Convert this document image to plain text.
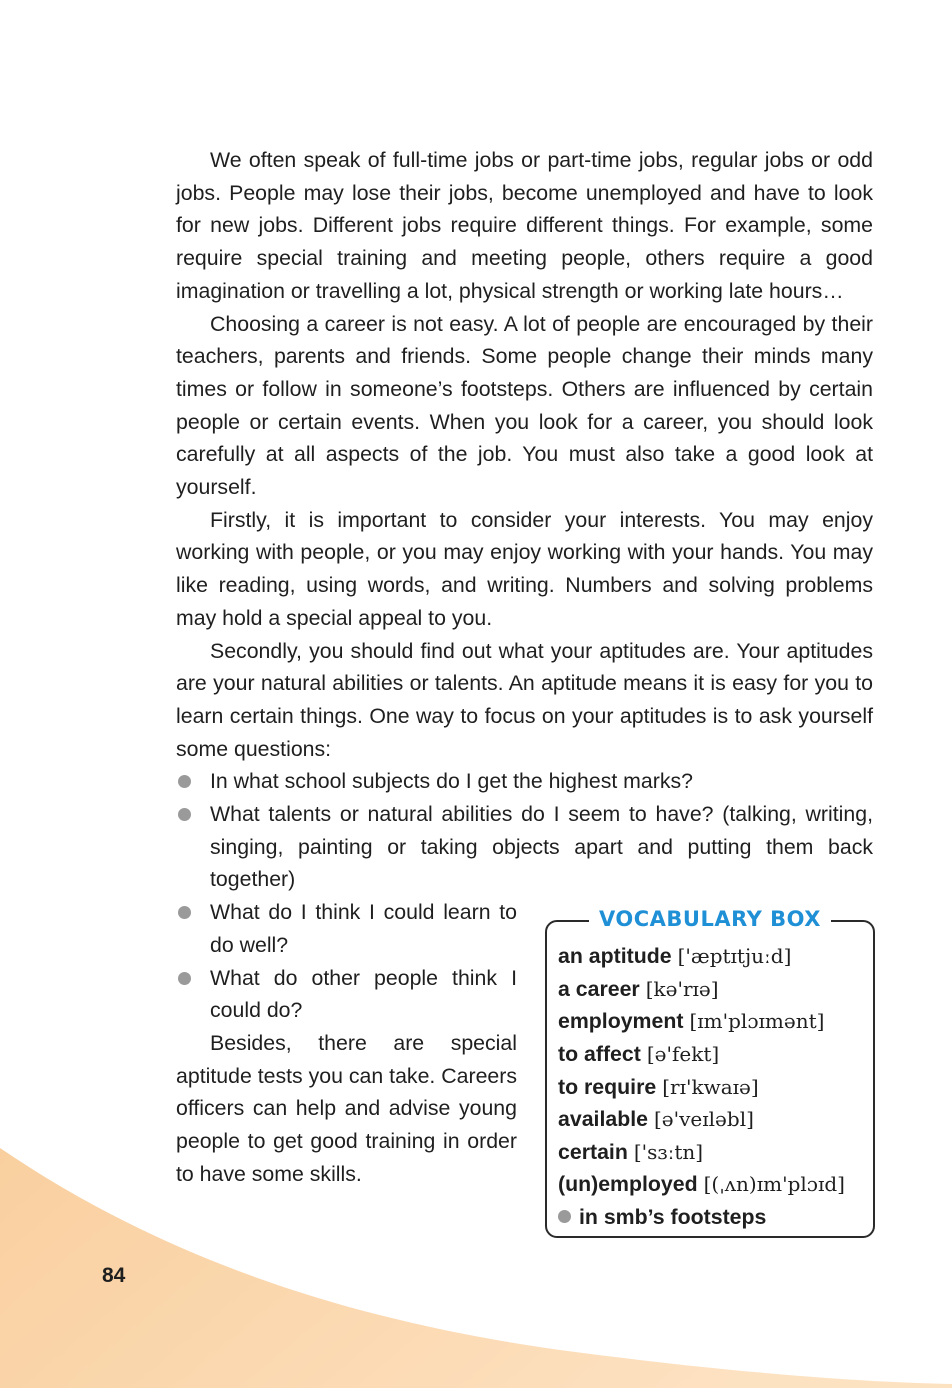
We often speak of full-time jobs or part-time jobs, regular jobs or odd jobs. People may lose their jobs, become unemployed and have to look for new jobs. Different jobs require different things. For example, some require special training and meeting people, others require a good imagination or travelling a lot, physical strength or working late hours…

Choosing a career is not easy. A lot of people are encouraged by their teachers, parents and friends. Some people change their minds many times or follow in someone’s footsteps. Others are influenced by certain people or certain events. When you look for a career, you should look carefully at all aspects of the job. You must also take a good look at yourself.

Firstly, it is important to consider your interests. You may enjoy working with people, or you may enjoy working with your hands. You may like reading, using words, and writing. Numbers and solving problems may hold a special appeal to you.

Secondly, you should find out what your aptitudes are. Your aptitudes are your natural abilities or talents. An aptitude means it is easy for you to learn certain things. One way to focus on your aptitudes is to ask yourself some questions:

In what school subjects do I get the highest marks?
What talents or natural abilities do I seem to have? (talking, writing, singing, painting or taking objects apart and putting them back together)
What do I think I could learn to do well?
What do other people think I could do?

Besides, there are special aptitude tests you can take. Careers officers can help and advise young people to get good training in order to have some skills.

VOCABULARY BOX
an aptitude ['æptɪtjuːd]
a career [kə'rɪə]
employment [ɪm'plɔɪmənt]
to affect [ə'fekt]
to require [rɪ'kwaɪə]
available [ə'veɪləbl]
certain ['sɜːtn]
(un)employed [(ˌʌn)ɪm'plɔɪd]
in smb’s footsteps
84
